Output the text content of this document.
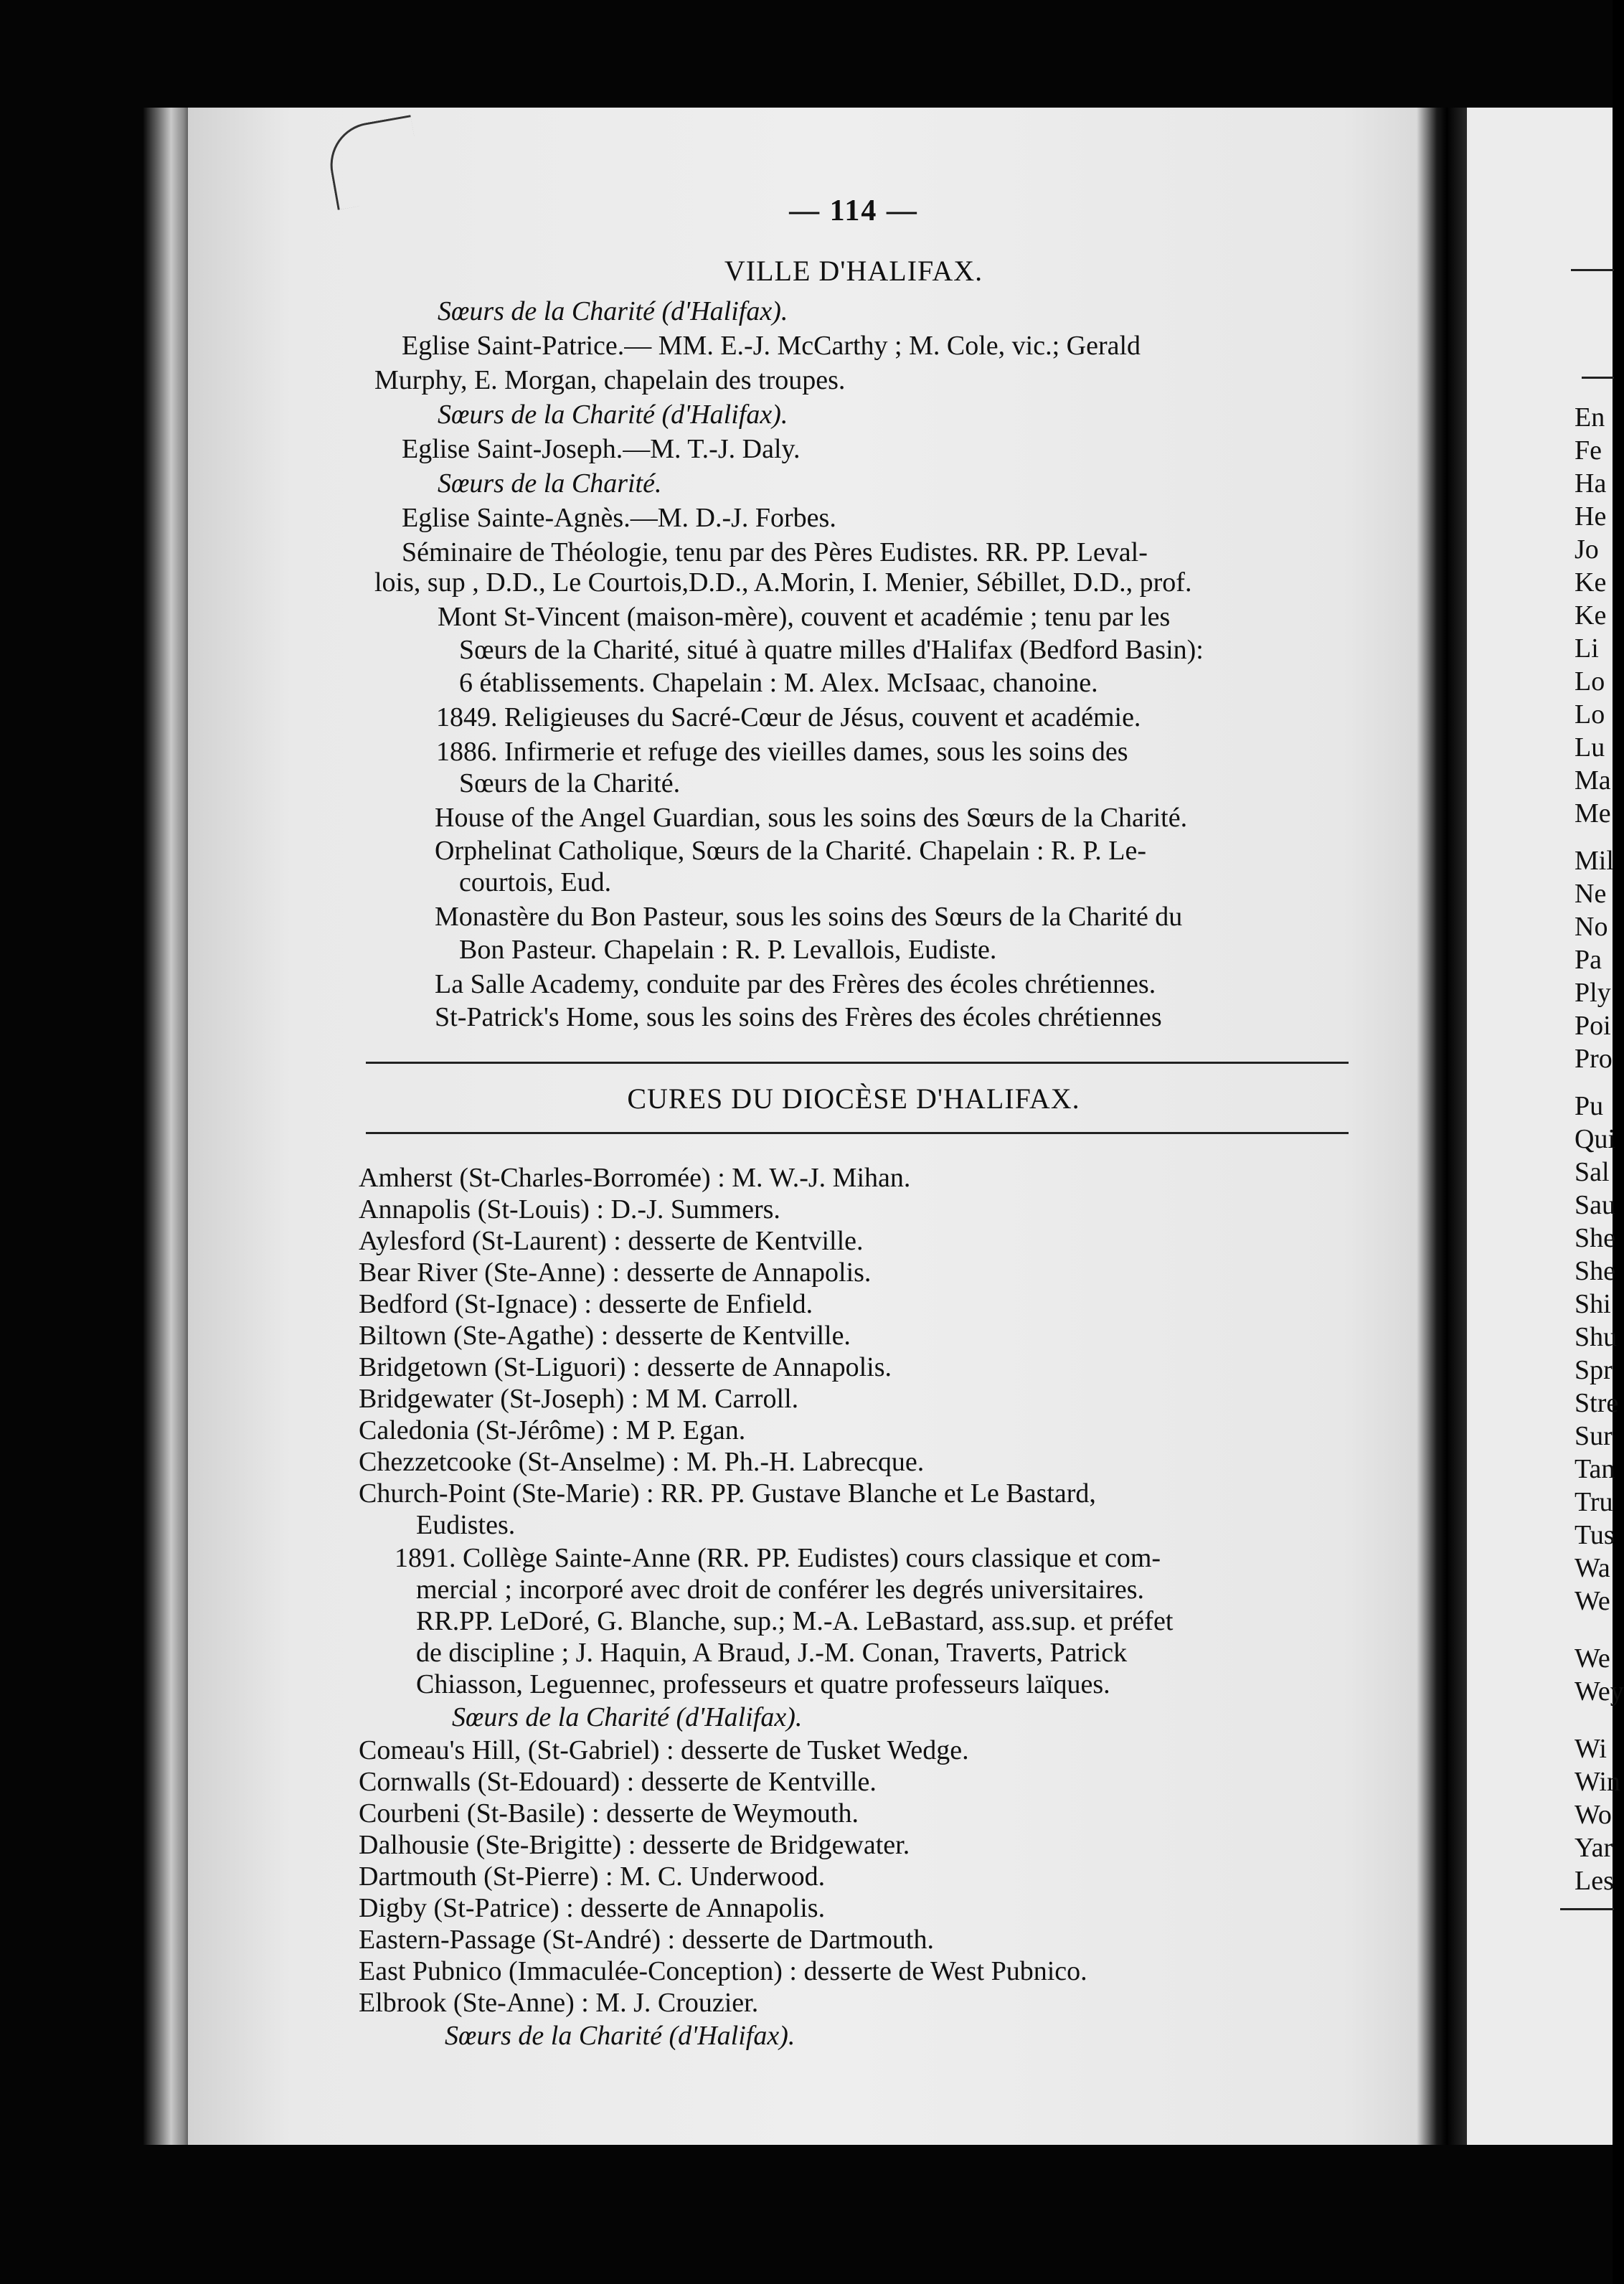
— 114 —
VILLE D'HALIFAX.
Sœurs de la Charité (d'Halifax).
Eglise Saint-Patrice.— MM. E.-J. McCarthy ; M. Cole, vic.; Gerald
Murphy, E. Morgan, chapelain des troupes.
Sœurs de la Charité (d'Halifax).
Eglise Saint-Joseph.—M. T.-J. Daly.
Sœurs de la Charité.
Eglise Sainte-Agnès.—M. D.-J. Forbes.
Séminaire de Théologie, tenu par des Pères Eudistes. RR. PP. Leval-
lois, sup , D.D., Le Courtois,D.D., A.Morin, I. Menier, Sébillet, D.D., prof.
Mont St-Vincent (maison-mère), couvent et académie ; tenu par les
Sœurs de la Charité, situé à quatre milles d'Halifax (Bedford Basin):
6 établissements. Chapelain : M. Alex. McIsaac, chanoine.
1849. Religieuses du Sacré-Cœur de Jésus, couvent et académie.
1886. Infirmerie et refuge des vieilles dames, sous les soins des
Sœurs de la Charité.
House of the Angel Guardian, sous les soins des Sœurs de la Charité.
Orphelinat Catholique, Sœurs de la Charité. Chapelain : R. P. Le-
courtois, Eud.
Monastère du Bon Pasteur, sous les soins des Sœurs de la Charité du
Bon Pasteur. Chapelain : R. P. Levallois, Eudiste.
La Salle Academy, conduite par des Frères des écoles chrétiennes.
St-Patrick's Home, sous les soins des Frères des écoles chrétiennes
CURES DU DIOCÈSE D'HALIFAX.
Amherst (St-Charles-Borromée) : M. W.-J. Mihan.
Annapolis (St-Louis) : D.-J. Summers.
Aylesford (St-Laurent) : desserte de Kentville.
Bear River (Ste-Anne) : desserte de Annapolis.
Bedford (St-Ignace) : desserte de Enfield.
Biltown (Ste-Agathe) : desserte de Kentville.
Bridgetown (St-Liguori) : desserte de Annapolis.
Bridgewater (St-Joseph) : M M. Carroll.
Caledonia (St-Jérôme) : M P. Egan.
Chezzetcooke (St-Anselme) : M. Ph.-H. Labrecque.
Church-Point (Ste-Marie) : RR. PP. Gustave Blanche et Le Bastard,
Eudistes.
1891. Collège Sainte-Anne (RR. PP. Eudistes) cours classique et com-
mercial ; incorporé avec droit de conférer les degrés universitaires.
RR.PP. LeDoré, G. Blanche, sup.; M.-A. LeBastard, ass.sup. et préfet
de discipline ; J. Haquin, A Braud, J.-M. Conan, Traverts, Patrick
Chiasson, Leguennec, professeurs et quatre professeurs laïques.
Sœurs de la Charité (d'Halifax).
Comeau's Hill, (St-Gabriel) : desserte de Tusket Wedge.
Cornwalls (St-Edouard) : desserte de Kentville.
Courbeni (St-Basile) : desserte de Weymouth.
Dalhousie (Ste-Brigitte) : desserte de Bridgewater.
Dartmouth (St-Pierre) : M. C. Underwood.
Digby (St-Patrice) : desserte de Annapolis.
Eastern-Passage (St-André) : desserte de Dartmouth.
East Pubnico (Immaculée-Conception) : desserte de West Pubnico.
Elbrook (Ste-Anne) : M. J. Crouzier.
Sœurs de la Charité (d'Halifax).
En
Fe
Ha
He
Jo
Ke
Ke
Li
Lo
Lo
Lu
Ma
Me
Mil
Ne
No
Pa
Ply
Poi
Pro
Pu
Qui
Sal
Sau
She
She
Shi
Shu
Spr
Stre
Sur
Tan
Tru
Tus
Wa
We
We
Wey
Wi
Win
Wo
Yar
Les
